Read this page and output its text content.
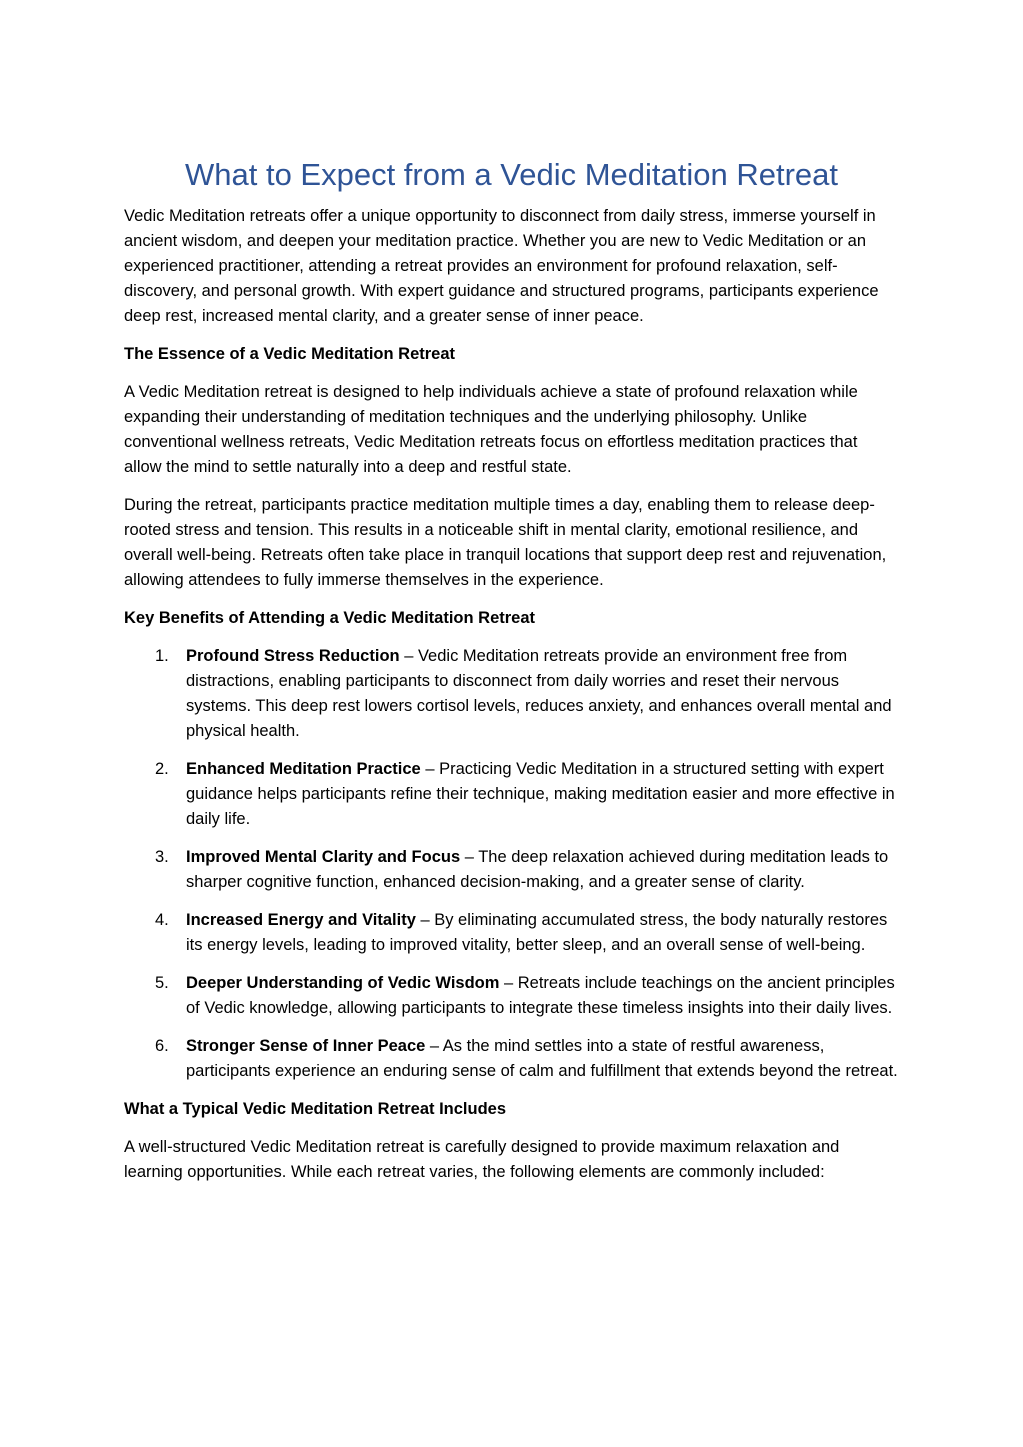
What to Expect from a Vedic Meditation Retreat

Vedic Meditation retreats offer a unique opportunity to disconnect from daily stress, immerse yourself in ancient wisdom, and deepen your meditation practice. Whether you are new to Vedic Meditation or an experienced practitioner, attending a retreat provides an environment for profound relaxation, self-discovery, and personal growth. With expert guidance and structured programs, participants experience deep rest, increased mental clarity, and a greater sense of inner peace.

The Essence of a Vedic Meditation Retreat

A Vedic Meditation retreat is designed to help individuals achieve a state of profound relaxation while expanding their understanding of meditation techniques and the underlying philosophy. Unlike conventional wellness retreats, Vedic Meditation retreats focus on effortless meditation practices that allow the mind to settle naturally into a deep and restful state.

During the retreat, participants practice meditation multiple times a day, enabling them to release deep-rooted stress and tension. This results in a noticeable shift in mental clarity, emotional resilience, and overall well-being. Retreats often take place in tranquil locations that support deep rest and rejuvenation, allowing attendees to fully immerse themselves in the experience.

Key Benefits of Attending a Vedic Meditation Retreat
1. Profound Stress Reduction – Vedic Meditation retreats provide an environment free from distractions, enabling participants to disconnect from daily worries and reset their nervous systems. This deep rest lowers cortisol levels, reduces anxiety, and enhances overall mental and physical health.
2. Enhanced Meditation Practice – Practicing Vedic Meditation in a structured setting with expert guidance helps participants refine their technique, making meditation easier and more effective in daily life.
3. Improved Mental Clarity and Focus – The deep relaxation achieved during meditation leads to sharper cognitive function, enhanced decision-making, and a greater sense of clarity.
4. Increased Energy and Vitality – By eliminating accumulated stress, the body naturally restores its energy levels, leading to improved vitality, better sleep, and an overall sense of well-being.
5. Deeper Understanding of Vedic Wisdom – Retreats include teachings on the ancient principles of Vedic knowledge, allowing participants to integrate these timeless insights into their daily lives.
6. Stronger Sense of Inner Peace – As the mind settles into a state of restful awareness, participants experience an enduring sense of calm and fulfillment that extends beyond the retreat.
What a Typical Vedic Meditation Retreat Includes

A well-structured Vedic Meditation retreat is carefully designed to provide maximum relaxation and learning opportunities. While each retreat varies, the following elements are commonly included:
